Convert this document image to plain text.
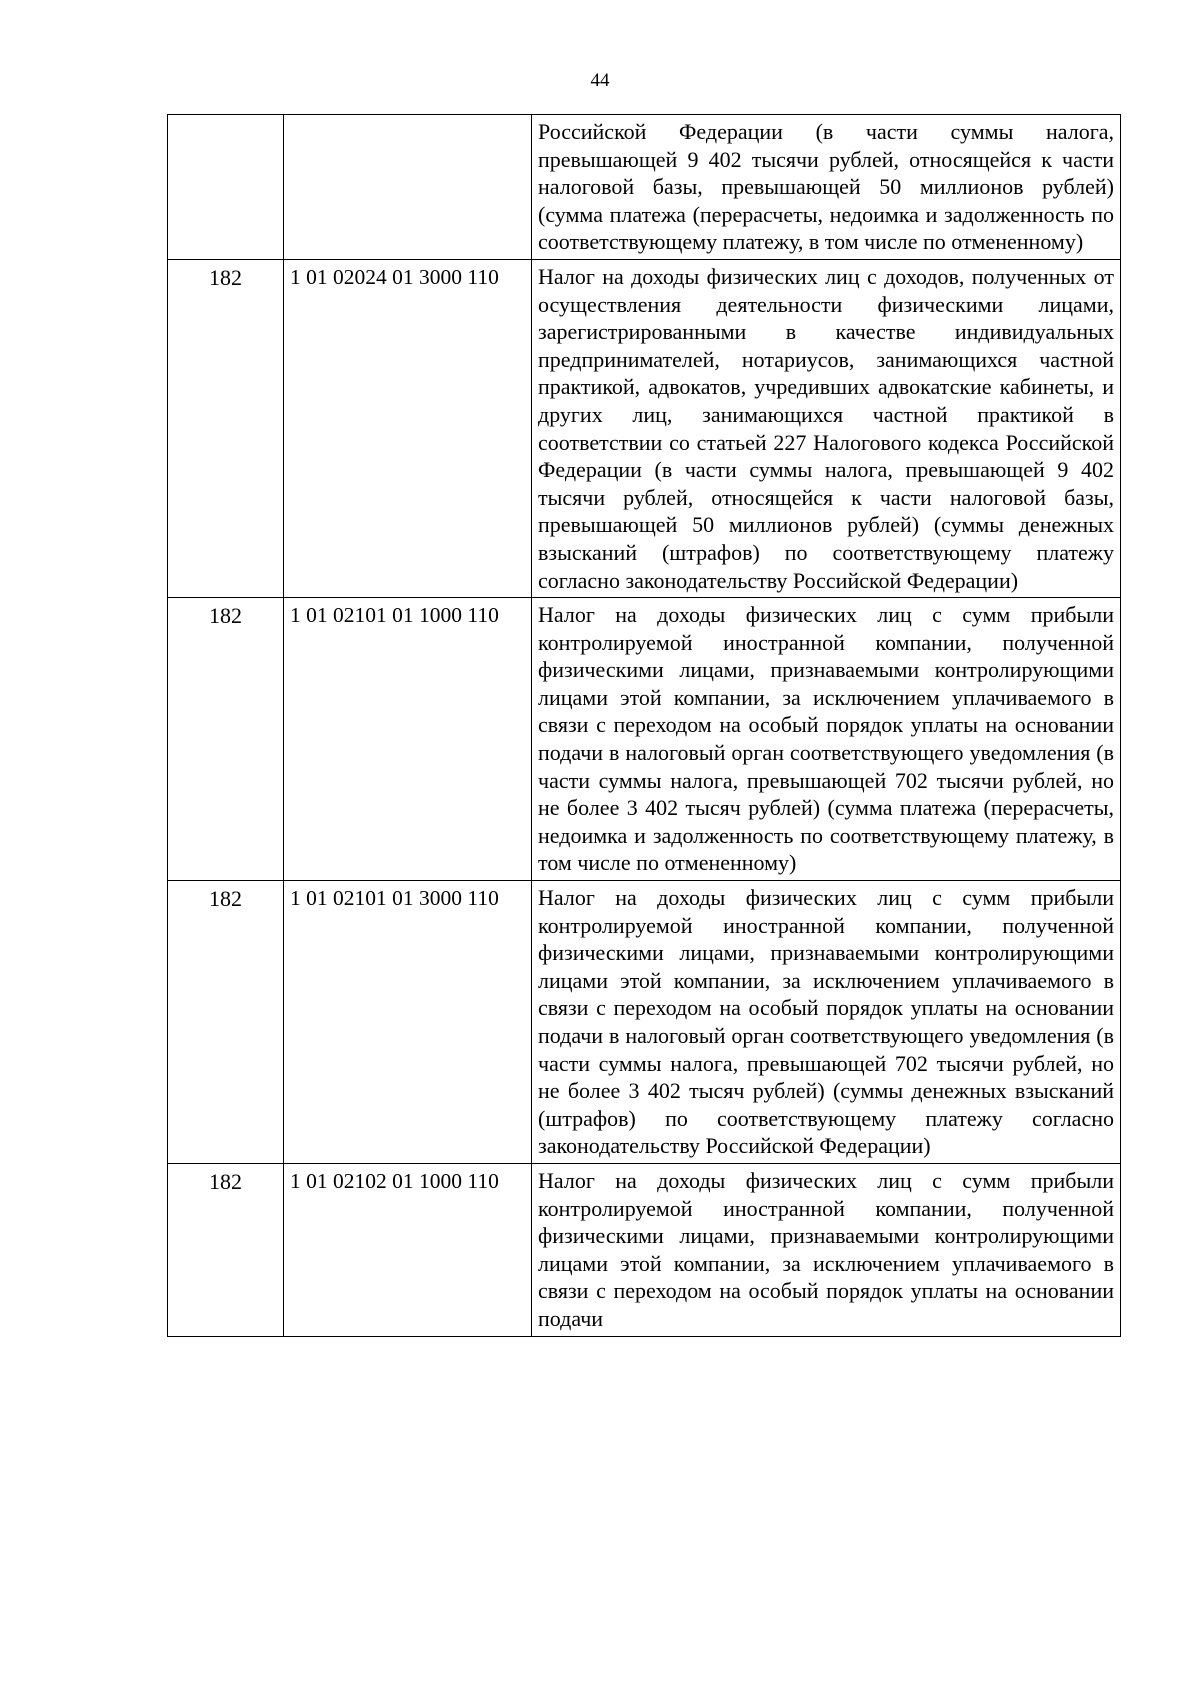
44
		Российской Федерации (в части суммы налога, превышающей 9 402 тысячи рублей, относящейся к части налоговой базы, превышающей 50 миллионов рублей) (сумма платежа (перерасчеты, недоимка и задолженность по соответствующему платежу, в том числе по отмененному)
182	1 01 02024 01 3000 110	Налог на доходы физических лиц с доходов, полученных от осуществления деятельности физическими лицами, зарегистрированными в качестве индивидуальных предпринимателей, нотариусов, занимающихся частной практикой, адвокатов, учредивших адвокатские кабинеты, и других лиц, занимающихся частной практикой в соответствии со статьей 227 Налогового кодекса Российской Федерации (в части суммы налога, превышающей 9 402 тысячи рублей, относящейся к части налоговой базы, превышающей 50 миллионов рублей) (суммы денежных взысканий (штрафов) по соответствующему платежу согласно законодательству Российской Федерации)
182	1 01 02101 01 1000 110	Налог на доходы физических лиц с сумм прибыли контролируемой иностранной компании, полученной физическими лицами, признаваемыми контролирующими лицами этой компании, за исключением уплачиваемого в связи с переходом на особый порядок уплаты на основании подачи в налоговый орган соответствующего уведомления (в части суммы налога, превышающей 702 тысячи рублей, но не более 3 402 тысяч рублей) (сумма платежа (перерасчеты, недоимка и задолженность по соответствующему платежу, в том числе по отмененному)
182	1 01 02101 01 3000 110	Налог на доходы физических лиц с сумм прибыли контролируемой иностранной компании, полученной физическими лицами, признаваемыми контролирующими лицами этой компании, за исключением уплачиваемого в связи с переходом на особый порядок уплаты на основании подачи в налоговый орган соответствующего уведомления (в части суммы налога, превышающей 702 тысячи рублей, но не более 3 402 тысяч рублей) (суммы денежных взысканий (штрафов) по соответствующему платежу согласно законодательству Российской Федерации)
182	1 01 02102 01 1000 110	Налог на доходы физических лиц с сумм прибыли контролируемой иностранной компании, полученной физическими лицами, признаваемыми контролирующими лицами этой компании, за исключением уплачиваемого в связи с переходом на особый порядок уплаты на основании подачи
